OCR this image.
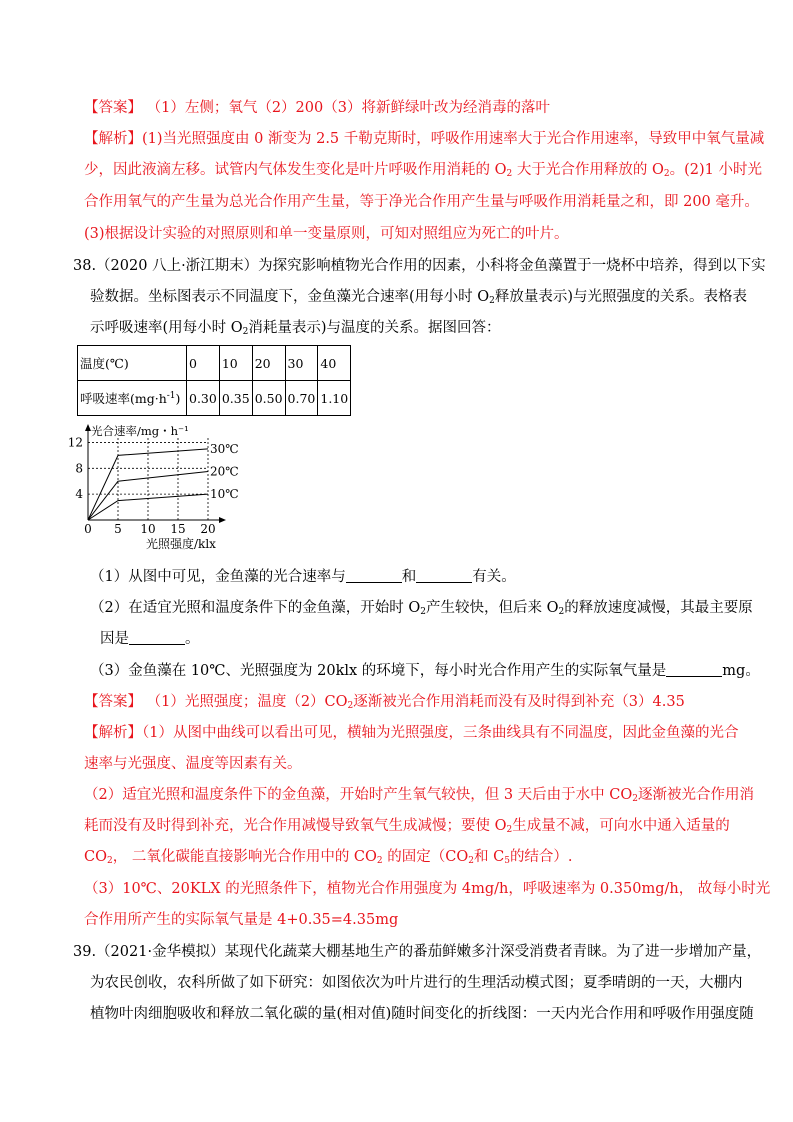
【答案】 （1）左侧；氧气（2）200（3）将新鲜绿叶改为经消毒的落叶
【解析】(1)当光照强度由 0 渐变为 2.5 千勒克斯时，呼吸作用速率大于光合作用速率，导致甲中氧气量减
少，因此液滴左移。试管内气体发生变化是叶片呼吸作用消耗的 $O_2$ 大于光合作用释放的 $O_2$。(2)1 小时光
合作用氧气的产生量为总光合作用产生量，等于净光合作用产生量与呼吸作用消耗量之和，即 200 毫升。
(3)根据设计实验的对照原则和单一变量原则，可知对照组应为死亡的叶片。
38.（2020 八上·浙江期末）为探究影响植物光合作用的因素，小科将金鱼藻置于一烧杯中培养，得到以下实
验数据。坐标图表示不同温度下，金鱼藻光合速率(用每小时 $O_2$释放量表示)与光照强度的关系。表格表
示呼吸速率(用每小时 $O_2$消耗量表示)与温度的关系。据图回答：
温度(℃)	0	10	20	30	40
呼吸速率$(mg\cdot h^{-1})$	0.30	0.35	0.50	0.70	1.10
30℃
20℃
10℃
0 5 10 15 20
4
8
12
光合速率/mg・h⁻¹
光照强度/klx
（1）从图中可见，金鱼藻的光合速率与	和	有关。
（2）在适宜光照和温度条件下的金鱼藻，开始时 $O_2$产生较快，但后来 $O_2$的释放速度减慢，其最主要原
因是	。
（3）金鱼藻在 10℃、光照强度为 20klx 的环境下，每小时光合作用产生的实际氧气量是	mg。
【答案】 （1）光照强度；温度$(2)CO_2$逐渐被光合作用消耗而没有及时得到补充（3）4.35
【解析】（1）从图中曲线可以看出可见，横轴为光照强度，三条曲线具有不同温度，因此金鱼藻的光合
速率与光强度、温度等因素有关。
（2）适宜光照和温度条件下的金鱼藻，开始时产生氧气较快，但 3 天后由于水中 $CO_2$逐渐被光合作用消
耗而没有及时得到补充，光合作用减慢导致氧气生成减慢；要使 $O_2$生成量不减，可向水中通入适量的
$CO_2$， 二氧化碳能直接影响光合作用中的 $CO_2$ 的固定（$CO_2$和 $C_5$的结合）.
（3）10℃、20KLX 的光照条件下，植物光合作用强度为 4mg/h，呼吸速率为 0.350mg/h， 故每小时光
合作用所产生的实际氧气量是 4+0.35=4.35mg
39.（2021·金华模拟）某现代化蔬菜大棚基地生产的番茄鲜嫩多汁深受消费者青睐。为了进一步增加产量，
为农民创收，农科所做了如下研究：如图依次为叶片进行的生理活动模式图；夏季晴朗的一天，大棚内
植物叶肉细胞吸收和释放二氧化碳的量(相对值)随时间变化的折线图：一天内光合作用和呼吸作用强度随
